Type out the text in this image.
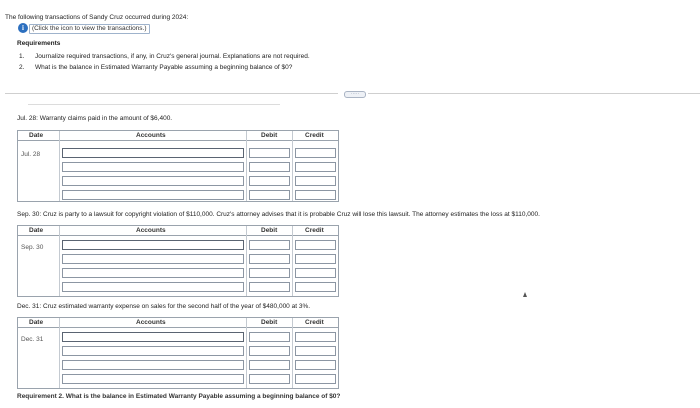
The following transactions of Sandy Cruz occurred during 2024:
i	(Click the icon to view the transactions.)
Requirements
1. Journalize required transactions, if any, in Cruz's general journal. Explanations are not required.
2. What is the balance in Estimated Warranty Payable assuming a beginning balance of $0?
·····
Jul. 28: Warranty claims paid in the amount of $6,400.
Date	Accounts	Debit	Credit
Jul. 28
Sep. 30: Cruz is party to a lawsuit for copyright violation of $110,000. Cruz's attorney advises that it is probable Cruz will lose this lawsuit. The attorney estimates the loss at $110,000.
Date	Accounts	Debit	Credit
Sep. 30
Dec. 31: Cruz estimated warranty expense on sales for the second half of the year of $480,000 at 3%.
Date	Accounts	Debit	Credit
Dec. 31
Requirement 2. What is the balance in Estimated Warranty Payable assuming a beginning balance of $0?
